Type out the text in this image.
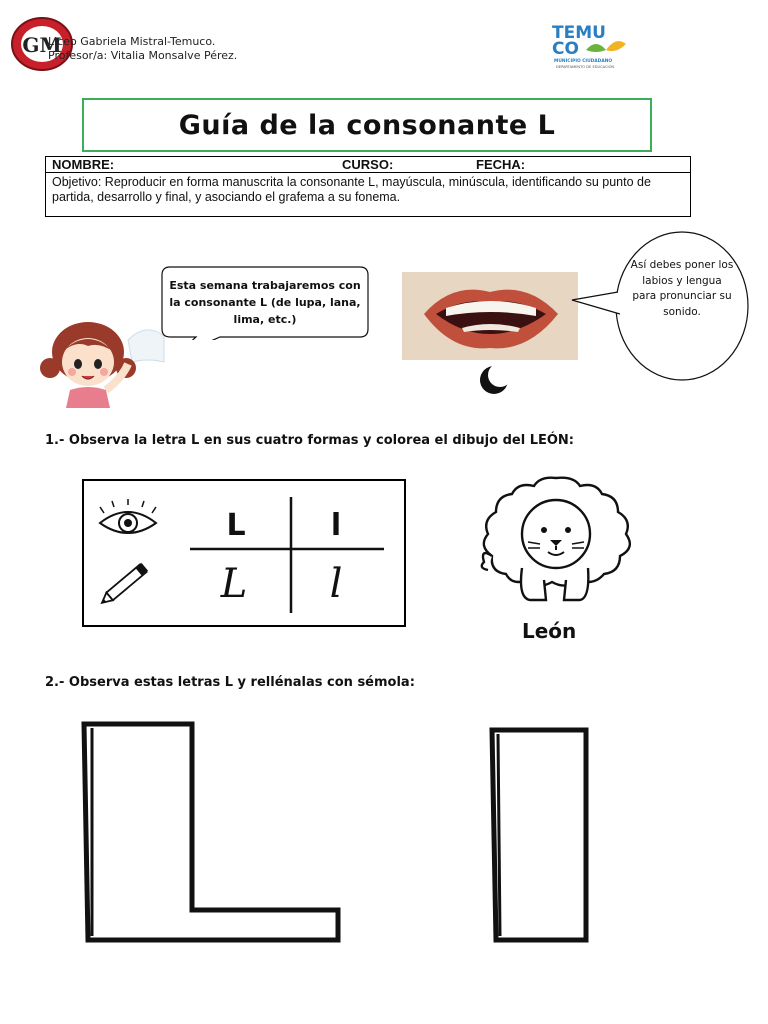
GM
Liceo Gabriela Mistral-Temuco.
Profesor/a: Vitalia Monsalve Pérez.
TEMU
CO
MUNICIPIO CIUDADANO
DEPARTAMENTO DE EDUCACIÓN
Guía de la consonante L
NOMBRE:	CURSO:	FECHA:
Objetivo: Reproducir en forma manuscrita la consonante L, mayúscula, minúscula, identificando su punto de partida, desarrollo y final, y asociando el grafema a su fonema.
Esta semana trabajaremos con la consonante L (de lupa, lana, lima, etc.)
Así debes poner los labios y lengua para pronunciar su sonido.
1.- Observa la letra L en sus cuatro formas y colorea el dibujo del LEÓN:
L	l
L l
León
2.- Observa estas letras L y rellénalas con sémola:
